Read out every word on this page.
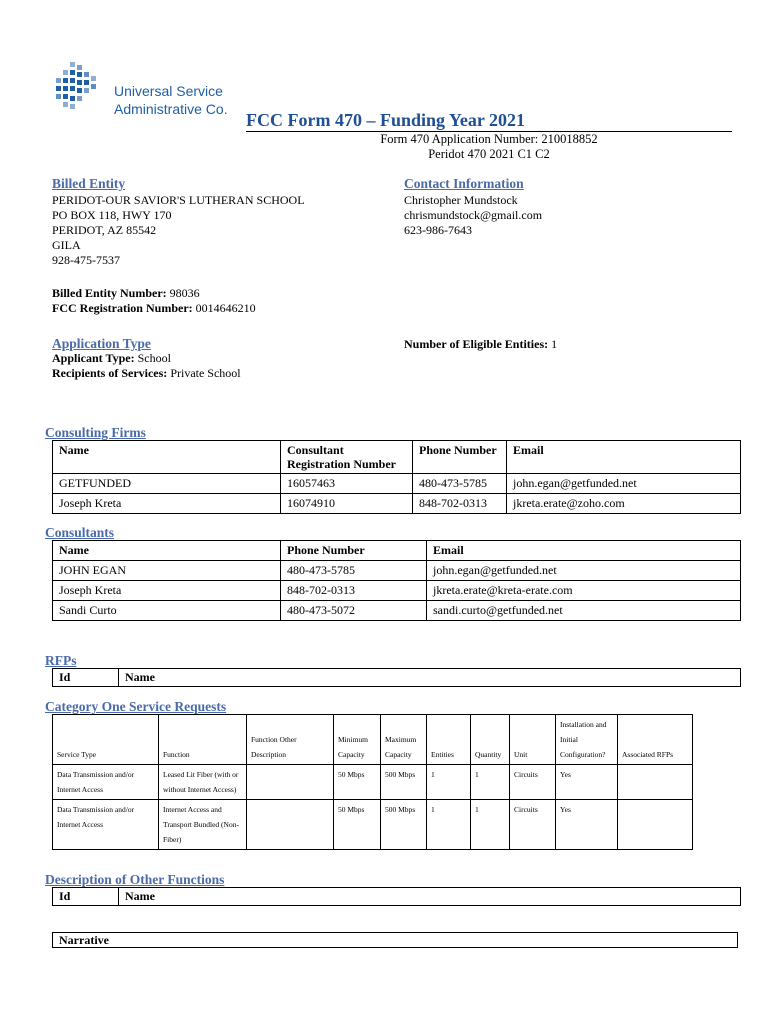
Universal Service
Administrative Co.
FCC Form 470 – Funding Year 2021
Form 470 Application Number: 210018852
Peridot 470 2021 C1 C2
Billed Entity
PERIDOT-OUR SAVIOR'S LUTHERAN SCHOOL
PO BOX 118, HWY 170
PERIDOT, AZ 85542
GILA
928-475-7537
Contact Information
Christopher Mundstock
chrismundstock@gmail.com
623-986-7643
Billed Entity Number: 98036
FCC Registration Number: 0014646210
Application Type	Number of Eligible Entities: 1
Applicant Type: School
Recipients of Services: Private School
Consulting Firms
Name	Consultant Registration Number	Phone Number	Email
GETFUNDED	16057463	480-473-5785	john.egan@getfunded.net
Joseph Kreta	16074910	848-702-0313	jkreta.erate@zoho.com
Consultants
Name	Phone Number	Email
JOHN EGAN	480-473-5785	john.egan@getfunded.net
Joseph Kreta	848-702-0313	jkreta.erate@kreta-erate.com
Sandi Curto	480-473-5072	sandi.curto@getfunded.net
RFPs
Id	Name
Category One Service Requests
Service Type	Function	Function Other Description	Minimum Capacity	Maximum Capacity	Entities	Quantity	Unit	Installation and Initial Configuration?	Associated RFPs
Data Transmission and/or Internet Access	Leased Lit Fiber (with or without Internet Access)		50 Mbps	500 Mbps	1	1	Circuits	Yes	
Data Transmission and/or Internet Access	Internet Access and Transport Bundled (Non-Fiber)		50 Mbps	500 Mbps	1	1	Circuits	Yes	
Description of Other Functions
Id	Name
Narrative
